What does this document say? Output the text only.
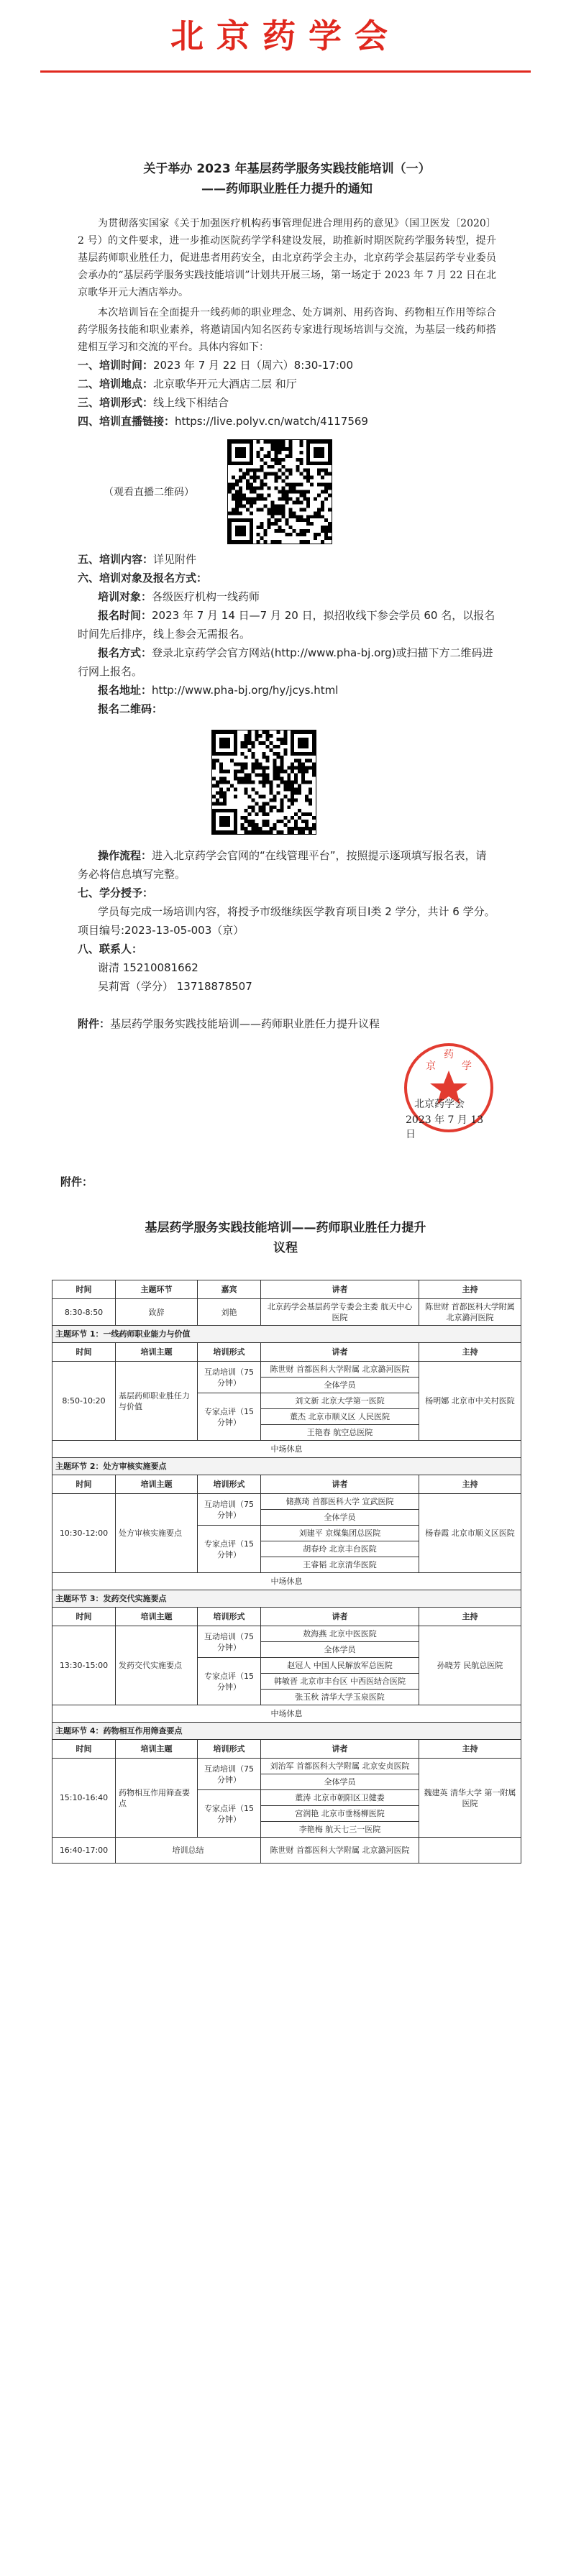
北京药学会
关于举办 2023 年基层药学服务实践技能培训（一）
——药师职业胜任力提升的通知

为贯彻落实国家《关于加强医疗机构药事管理促进合理用药的意见》（国卫医发〔2020〕2 号）的文件要求，进一步推动医院药学学科建设发展，助推新时期医院药学服务转型，提升基层药师职业胜任力，促进患者用药安全，由北京药学会主办，北京药学会基层药学专业委员会承办的“基层药学服务实践技能培训”计划共开展三场，第一场定于 2023 年 7 月 22 日在北京歌华开元大酒店举办。

本次培训旨在全面提升一线药师的职业理念、处方调剂、用药咨询、药物相互作用等综合药学服务技能和职业素养，将邀请国内知名医药专家进行现场培训与交流，为基层一线药师搭建相互学习和交流的平台。具体内容如下：

一、培训时间：2023 年 7 月 22 日（周六）8:30-17:00
二、培训地点：北京歌华开元大酒店二层 和厅
三、培训形式：线上线下相结合
四、培训直播链接：https://live.polyv.cn/watch/4117569
（观看直播二维码）
五、培训内容：详见附件
六、培训对象及报名方式：
培训对象：各级医疗机构一线药师
报名时间：2023 年 7 月 14 日—7 月 20 日，拟招收线下参会学员 60 名，以报名时间先后排序，线上参会无需报名。
报名方式：登录北京药学会官方网站(http://www.pha-bj.org)或扫描下方二维码进行网上报名。
报名地址：http://www.pha-bj.org/hy/jcys.html
报名二维码：
操作流程：进入北京药学会官网的“在线管理平台”，按照提示逐项填写报名表，请务必将信息填写完整。
七、学分授予：
学员每完成一场培训内容，将授予市级继续医学教育项目Ⅰ类 2 学分，共计 6 学分。项目编号:2023-13-05-003（京）
八、联系人：
谢清 15210081662
吴莉霄（学分） 13718878507
附件：基层药学服务实践技能培训——药师职业胜任力提升议程
京	学
药
北京药学会
2023 年 7 月 13 日
附件：
基层药学服务实践技能培训——药师职业胜任力提升
议程
时间	主题环节	嘉宾	讲者	主持
8:30-8:50	致辞	刘艳	北京药学会基层药学专委会主委 航天中心医院	陈世财 首都医科大学附属 北京潞河医院
主题环节 1：一线药师职业能力与价值				
时间	培训主题	培训形式	讲者	主持
8:50-10:20	基层药师职业胜任力与价值	互动培训（75 分钟）	陈世财 首都医科大学附属 北京潞河医院	杨明娜 北京市中关村医院
			全体学员	
		专家点评（15 分钟）	刘文新 北京大学第一医院	
			董杰 北京市顺义区 人民医院	
			王艳春 航空总医院	
中场休息				
主题环节 2：处方审核实施要点				
时间	培训主题	培训形式	讲者	主持
10:30-12:00	处方审核实施要点	互动培训（75 分钟）	储燕琦 首都医科大学 宣武医院	杨春霞 北京市顺义区医院
			全体学员	
		专家点评（15 分钟）	刘建平 京煤集团总医院	
			胡春玲 北京丰台医院	
			王睿韬 北京清华医院	
中场休息				
主题环节 3：发药交代实施要点				
时间	培训主题	培训形式	讲者	主持
13:30-15:00	发药交代实施要点	互动培训（75 分钟）	敖海燕 北京中医医院	孙晓芳 民航总医院
			全体学员	
		专家点评（15 分钟）	赵冠人 中国人民解放军总医院	
			韩敏晋 北京市丰台区 中西医结合医院	
			张玉秋 清华大学玉泉医院	
中场休息				
主题环节 4：药物相互作用筛查要点				
时间	培训主题	培训形式	讲者	主持
15:10-16:40	药物相互作用筛查要点	互动培训（75 分钟）	刘治军 首都医科大学附属 北京安贞医院	魏建英 清华大学 第一附属医院
			全体学员	
		专家点评（15 分钟）	董涛 北京市朝阳区卫健委	
			宫润艳 北京市垂杨柳医院	
			李艳梅 航天七三一医院	
16:40-17:00	培训总结		陈世财 首都医科大学附属 北京潞河医院	
